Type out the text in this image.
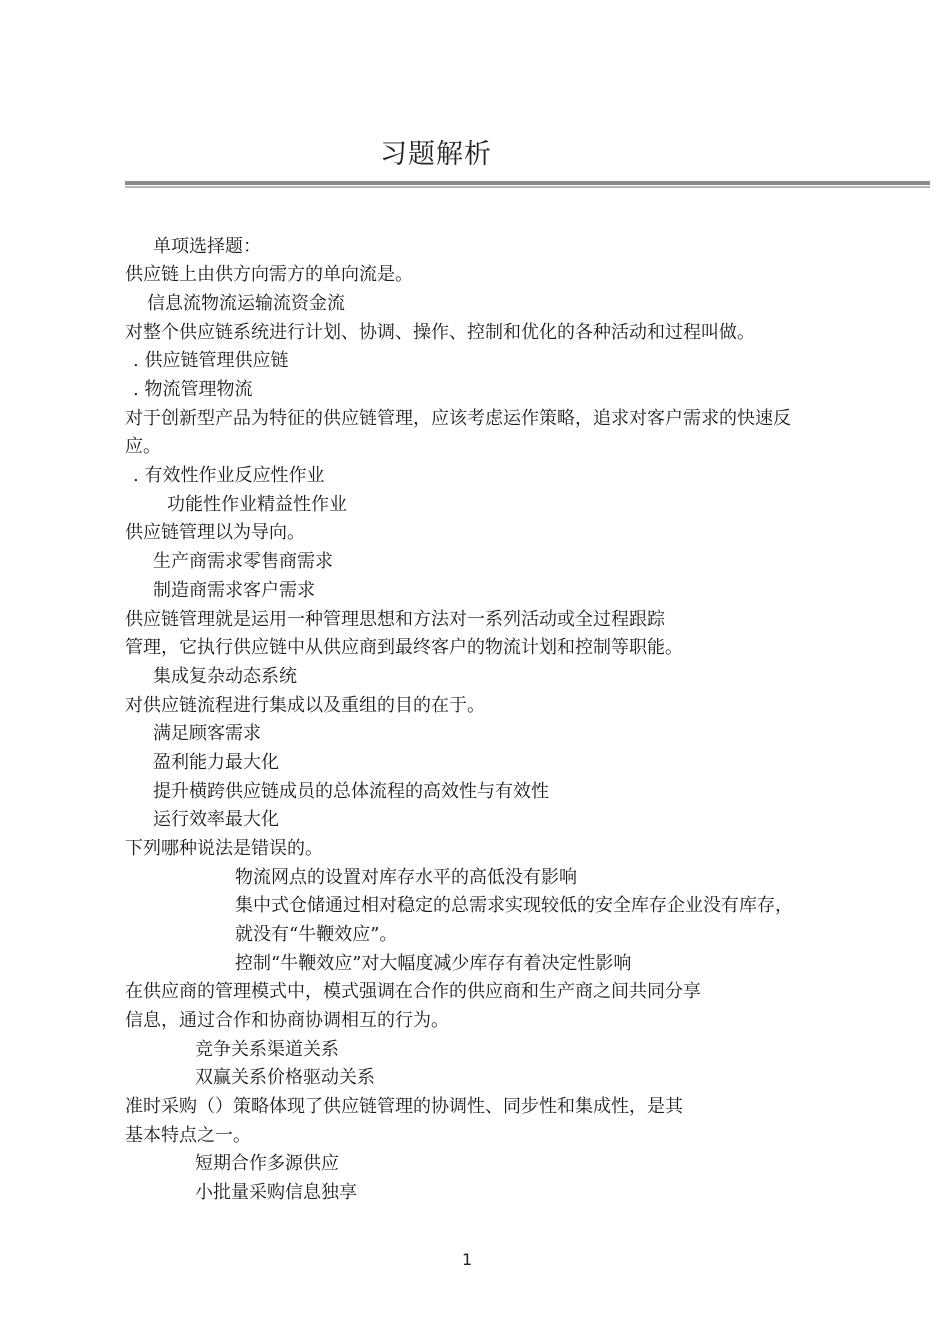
习题解析
单项选择题：
供应链上由供方向需方的单向流是。
信息流物流运输流资金流
对整个供应链系统进行计划、协调、操作、控制和优化的各种活动和过程叫做。
. 供应链管理供应链
. 物流管理物流
对于创新型产品为特征的供应链管理，应该考虑运作策略，追求对客户需求的快速反
应。
. 有效性作业反应性作业
功能性作业精益性作业
供应链管理以为导向。
生产商需求零售商需求
制造商需求客户需求
供应链管理就是运用一种管理思想和方法对一系列活动或全过程跟踪
管理，它执行供应链中从供应商到最终客户的物流计划和控制等职能。
集成复杂动态系统
对供应链流程进行集成以及重组的目的在于。
满足顾客需求
盈利能力最大化
提升横跨供应链成员的总体流程的高效性与有效性
运行效率最大化
下列哪种说法是错误的。
物流网点的设置对库存水平的高低没有影响
集中式仓储通过相对稳定的总需求实现较低的安全库存企业没有库存，
就没有“牛鞭效应”。
控制“牛鞭效应”对大幅度减少库存有着决定性影响
在供应商的管理模式中，模式强调在合作的供应商和生产商之间共同分享
信息，通过合作和协商协调相互的行为。
竞争关系渠道关系
双赢关系价格驱动关系
准时采购（）策略体现了供应链管理的协调性、同步性和集成性，是其
基本特点之一。
短期合作多源供应
小批量采购信息独享
1
